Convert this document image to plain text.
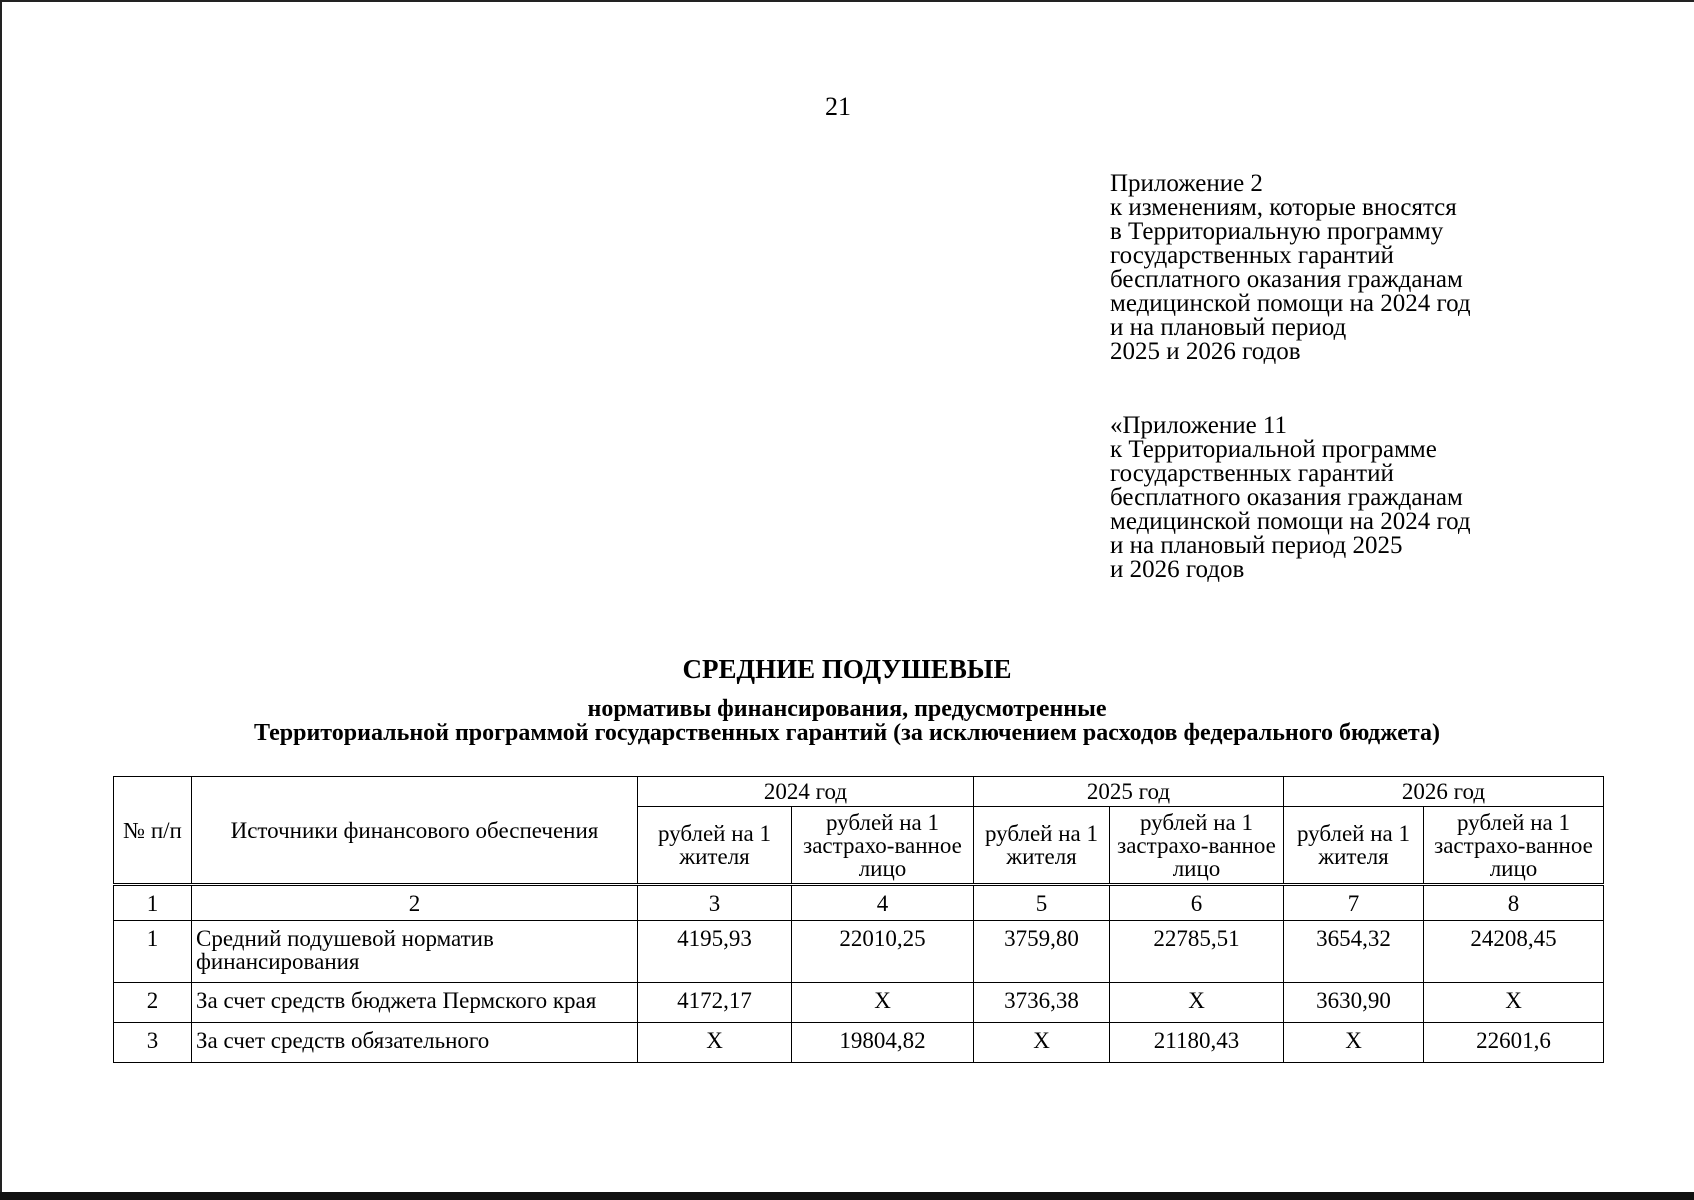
21
Приложение 2
к изменениям, которые вносятся
в Территориальную программу
государственных гарантий
бесплатного оказания гражданам
медицинской помощи на 2024 год
и на плановый период
2025 и 2026 годов
«Приложение 11
к Территориальной программе
государственных гарантий
бесплатного оказания гражданам
медицинской помощи на 2024 год
и на плановый период 2025
и 2026 годов
СРЕДНИЕ ПОДУШЕВЫЕ
нормативы финансирования, предусмотренные
Территориальной программой государственных гарантий (за исключением расходов федерального бюджета)
№ п/п	Источники финансового обеспечения	2024 год		2025 год		2026 год	
		рублей на 1 жителя	рублей на 1 застрахо-ванное лицо	рублей на 1 жителя	рублей на 1 застрахо-ванное лицо	рублей на 1 жителя	рублей на 1 застрахо-ванное лицо
1	2	3	4	5	6	7	8
1	Средний подушевой норматив финансирования	4195,93	22010,25	3759,80	22785,51	3654,32	24208,45
2	За счет средств бюджета Пермского края	4172,17	Х	3736,38	Х	3630,90	Х
3	За счет средств обязательного	Х	19804,82	Х	21180,43	Х	22601,6
